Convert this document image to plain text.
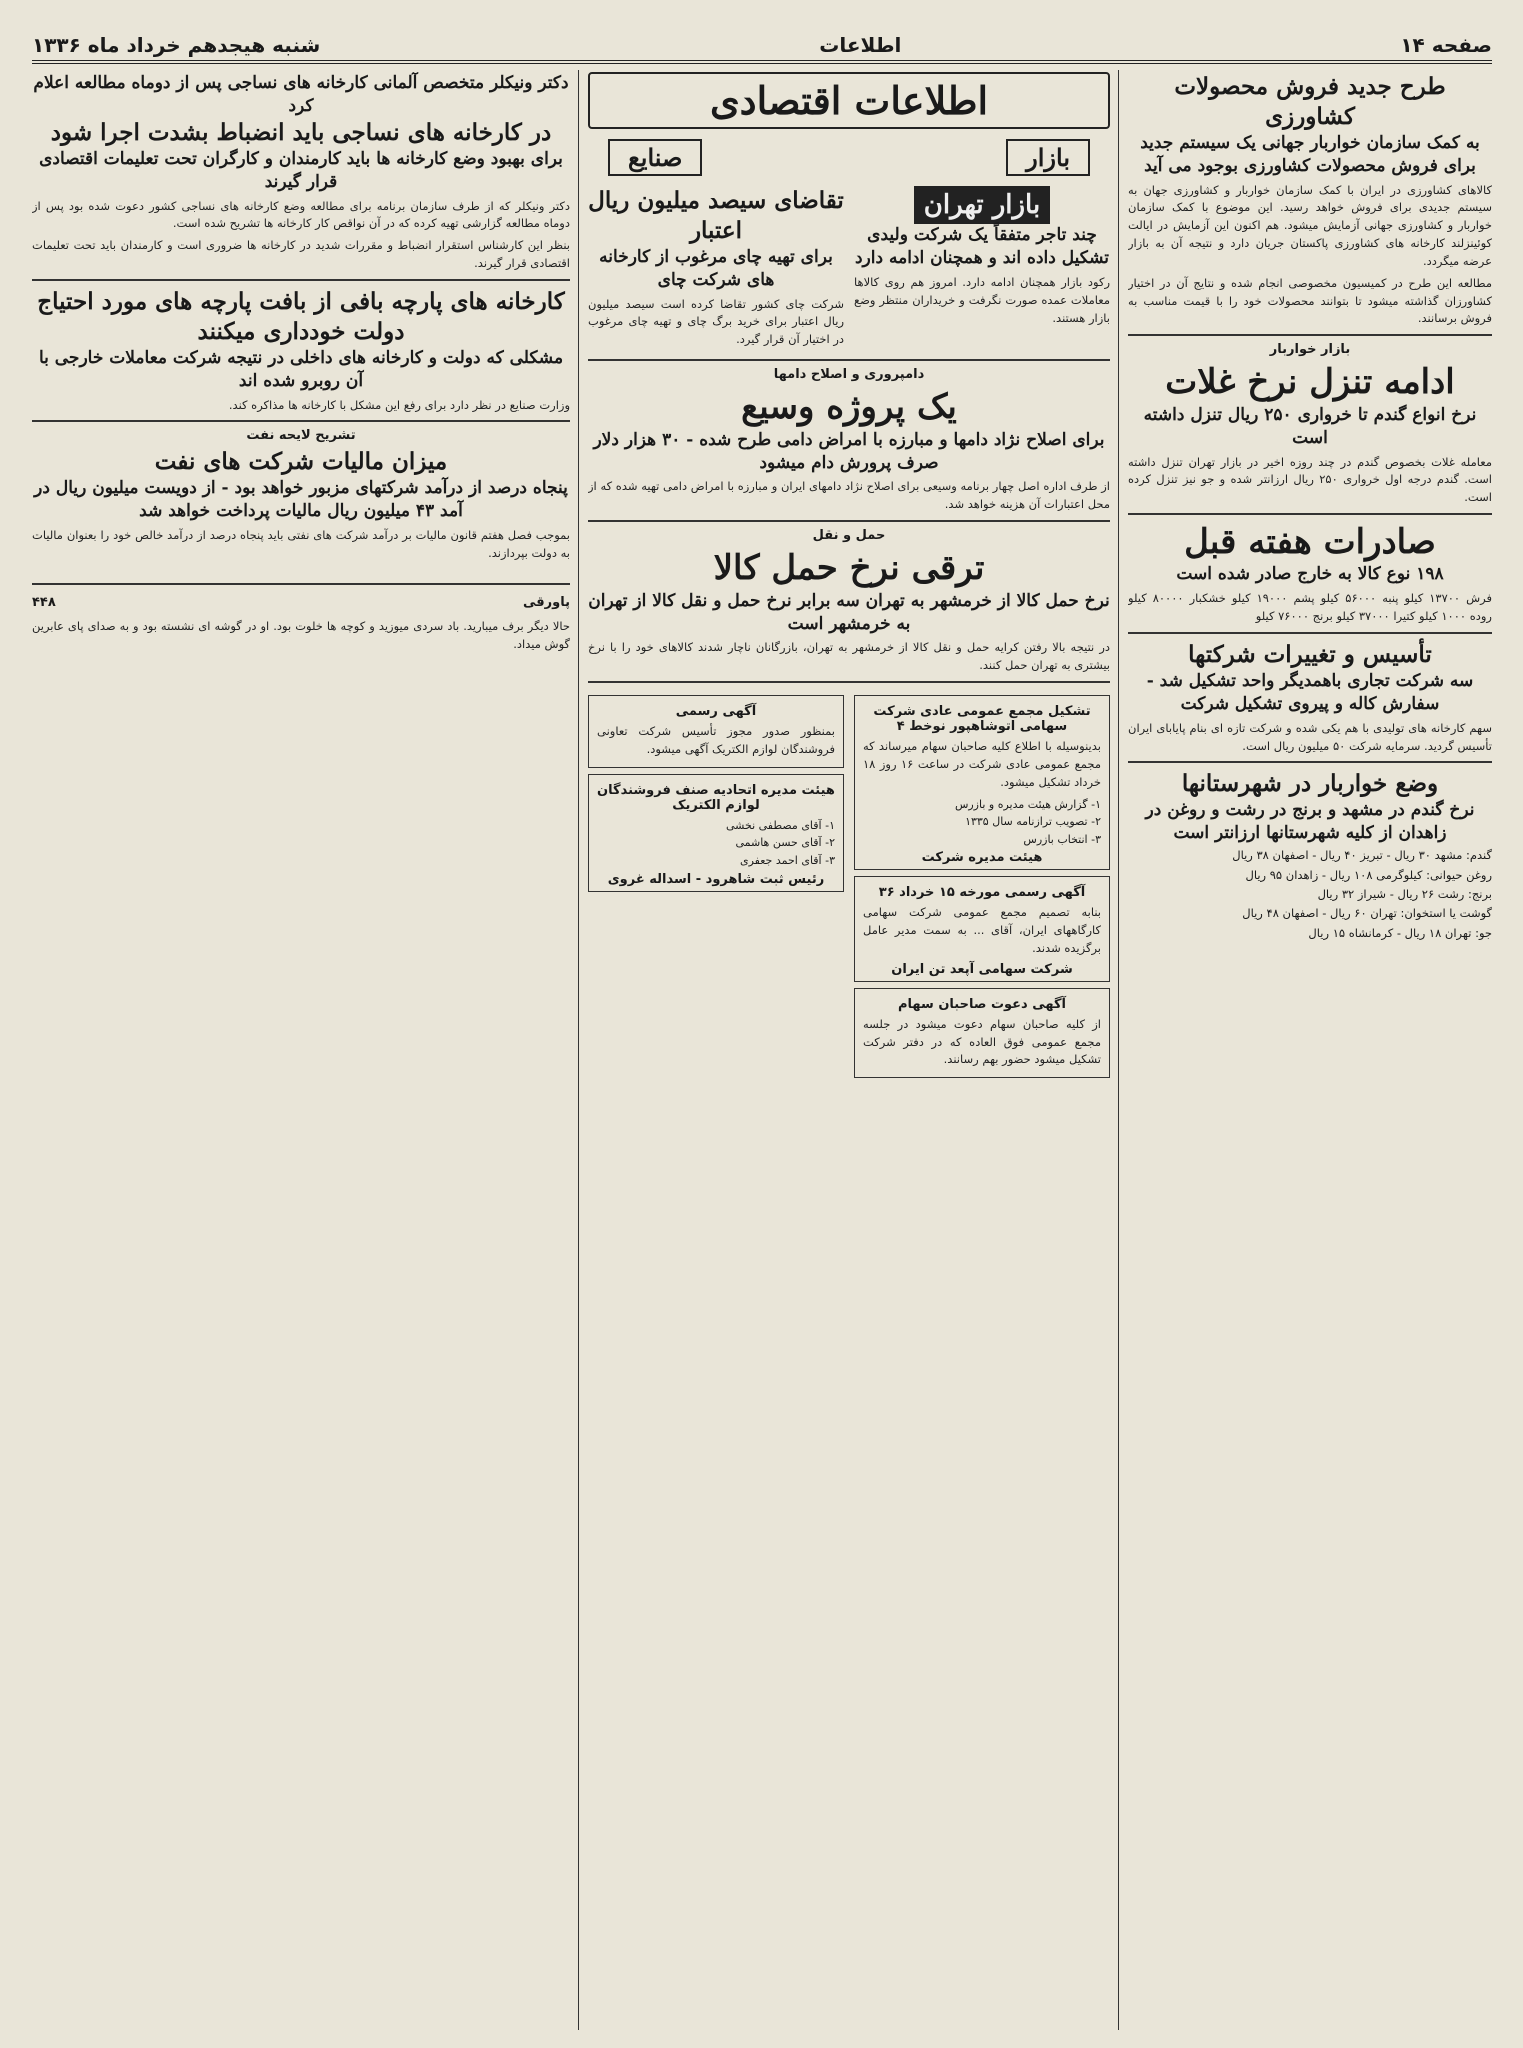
صفحه ۱۴
اطلاعات
شنبه هیجدهم خرداد ماه ۱۳۳۶
طرح جدید فروش محصولات کشاورزی
به کمک سازمان خواربار جهانی یک سیستم جدید برای فروش محصولات کشاورزی بوجود می آید

کالاهای کشاورزی در ایران با کمک سازمان خواربار و کشاورزی جهان به سیستم جدیدی برای فروش خواهد رسید. این موضوع با کمک سازمان خواربار و کشاورزی جهانی آزمایش میشود. هم اکنون این آزمایش در ایالت کوئینزلند کارخانه های کشاورزی پاکستان جریان دارد و نتیجه آن به بازار عرضه میگردد.

مطالعه این طرح در کمیسیون مخصوصی انجام شده و نتایج آن در اختیار کشاورزان گذاشته میشود تا بتوانند محصولات خود را با قیمت مناسب به فروش برسانند.

بازار خواربار
ادامه تنزل نرخ غلات
نرخ انواع گندم تا خرواری ۲۵۰ ریال تنزل داشته است

معامله غلات بخصوص گندم در چند روزه اخیر در بازار تهران تنزل داشته است. گندم درجه اول خرواری ۲۵۰ ریال ارزانتر شده و جو نیز تنزل کرده است.

صادرات هفته قبل
۱۹۸ نوع کالا به خارج صادر شده است

فرش ۱۳۷۰۰ کیلو پنبه ۵۶۰۰۰ کیلو پشم ۱۹۰۰۰ کیلو خشکبار ۸۰۰۰۰ کیلو روده ۱۰۰۰ کیلو کتیرا ۳۷۰۰۰ کیلو برنج ۷۶۰۰۰ کیلو

تأسیس و تغییرات شرکتها
سه شرکت تجاری باهمدیگر واحد تشکیل شد - سفارش کاله و پیروی تشکیل شرکت

سهم کارخانه های تولیدی با هم یکی شده و شرکت تازه ای بنام پایابای ایران تأسیس گردید. سرمایه شرکت ۵۰ میلیون ریال است.

وضع خواربار در شهرستانها
نرخ گندم در مشهد و برنج در رشت و روغن در زاهدان از کلیه شهرستانها ارزانتر است

گندم: مشهد ۳۰ ریال - تبریز ۴۰ ریال - اصفهان ۳۸ ریال

روغن حیوانی: کیلوگرمی ۱۰۸ ریال - زاهدان ۹۵ ریال

برنج: رشت ۲۶ ریال - شیراز ۳۲ ریال

گوشت یا استخوان: تهران ۶۰ ریال - اصفهان ۴۸ ریال

جو: تهران ۱۸ ریال - کرمانشاه ۱۵ ریال

اطلاعات اقتصادی
بازار
صنایع
بازار تهران
چند تاجر متفقاً یک شرکت ولیدی تشکیل داده اند و همچنان ادامه دارد

رکود بازار همچنان ادامه دارد. امروز هم روی کالاها معاملات عمده صورت نگرفت و خریداران منتظر وضع بازار هستند.

تقاضای سیصد میلیون ریال اعتبار
برای تهیه چای مرغوب از کارخانه های شرکت چای

شرکت چای کشور تقاضا کرده است سیصد میلیون ریال اعتبار برای خرید برگ چای و تهیه چای مرغوب در اختیار آن قرار گیرد.

دامپروری و اصلاح دامها
یک پروژه وسیع
برای اصلاح نژاد دامها و مبارزه با امراض دامی طرح شده - ۳۰ هزار دلار صرف پرورش دام میشود

از طرف اداره اصل چهار برنامه وسیعی برای اصلاح نژاد دامهای ایران و مبارزه با امراض دامی تهیه شده که از محل اعتبارات آن هزینه خواهد شد.

حمل و نقل
ترقی نرخ حمل کالا
نرخ حمل کالا از خرمشهر به تهران سه برابر نرخ حمل و نقل کالا از تهران به خرمشهر است

در نتیجه بالا رفتن کرایه حمل و نقل کالا از خرمشهر به تهران، بازرگانان ناچار شدند کالاهای خود را با نرخ بیشتری به تهران حمل کنند.

تشکیل مجمع عمومی عادی شرکت سهامی اتوشاهپور نوخط ۴

بدینوسیله با اطلاع کلیه صاحبان سهام میرساند که مجمع عمومی عادی شرکت در ساعت ۱۶ روز ۱۸ خرداد تشکیل میشود.

۱- گزارش هیئت مدیره و بازرس
۲- تصویب ترازنامه سال ۱۳۳۵
۳- انتخاب بازرس
هیئت مدیره شرکت
آگهی رسمی مورخه ۱۵ خرداد ۳۶

بنابه تصمیم مجمع عمومی شرکت سهامی کارگاههای ایران، آقای ... به سمت مدیر عامل برگزیده شدند.

شرکت سهامی آپعد تن ایران
آگهی دعوت صاحبان سهام

از کلیه صاحبان سهام دعوت میشود در جلسه مجمع عمومی فوق العاده که در دفتر شرکت تشکیل میشود حضور بهم رسانند.

آگهی رسمی

بمنظور صدور مجوز تأسیس شرکت تعاونی فروشندگان لوازم الکتریک آگهی میشود.

هیئت مدیره اتحادیه صنف فروشندگان لوازم الکتریک
۱- آقای مصطفی نخشی
۲- آقای حسن هاشمی
۳- آقای احمد جعفری
رئیس ثبت شاهرود - اسداله غروی
دکتر ونیکلر متخصص آلمانی کارخانه های نساجی پس از دوماه مطالعه اعلام کرد
در کارخانه های نساجی باید انضباط بشدت اجرا شود
برای بهبود وضع کارخانه ها باید کارمندان و کارگران تحت تعلیمات اقتصادی قرار گیرند

دکتر ونیکلر که از طرف سازمان برنامه برای مطالعه وضع کارخانه های نساجی کشور دعوت شده بود پس از دوماه مطالعه گزارشی تهیه کرده که در آن نواقص کار کارخانه ها تشریح شده است.

بنظر این کارشناس استقرار انضباط و مقررات شدید در کارخانه ها ضروری است و کارمندان باید تحت تعلیمات اقتصادی قرار گیرند.

کارخانه های پارچه بافی از بافت پارچه های مورد احتیاج دولت خودداری میکنند
مشکلی که دولت و کارخانه های داخلی در نتیجه شرکت معاملات خارجی با آن روبرو شده اند

وزارت صنایع در نظر دارد برای رفع این مشکل با کارخانه ها مذاکره کند.

تشریح لایحه نفت
میزان مالیات شرکت های نفت
پنجاه درصد از درآمد شرکتهای مزبور خواهد بود - از دویست میلیون ریال در آمد ۴۳ میلیون ریال مالیات پرداخت خواهد شد

بموجب فصل هفتم قانون مالیات بر درآمد شرکت های نفتی باید پنجاه درصد از درآمد خالص خود را بعنوان مالیات به دولت بپردازند.

پاورقی
۴۴۸

حالا دیگر برف میبارید. باد سردی میوزید و کوچه ها خلوت بود. او در گوشه ای نشسته بود و به صدای پای عابرین گوش میداد.
